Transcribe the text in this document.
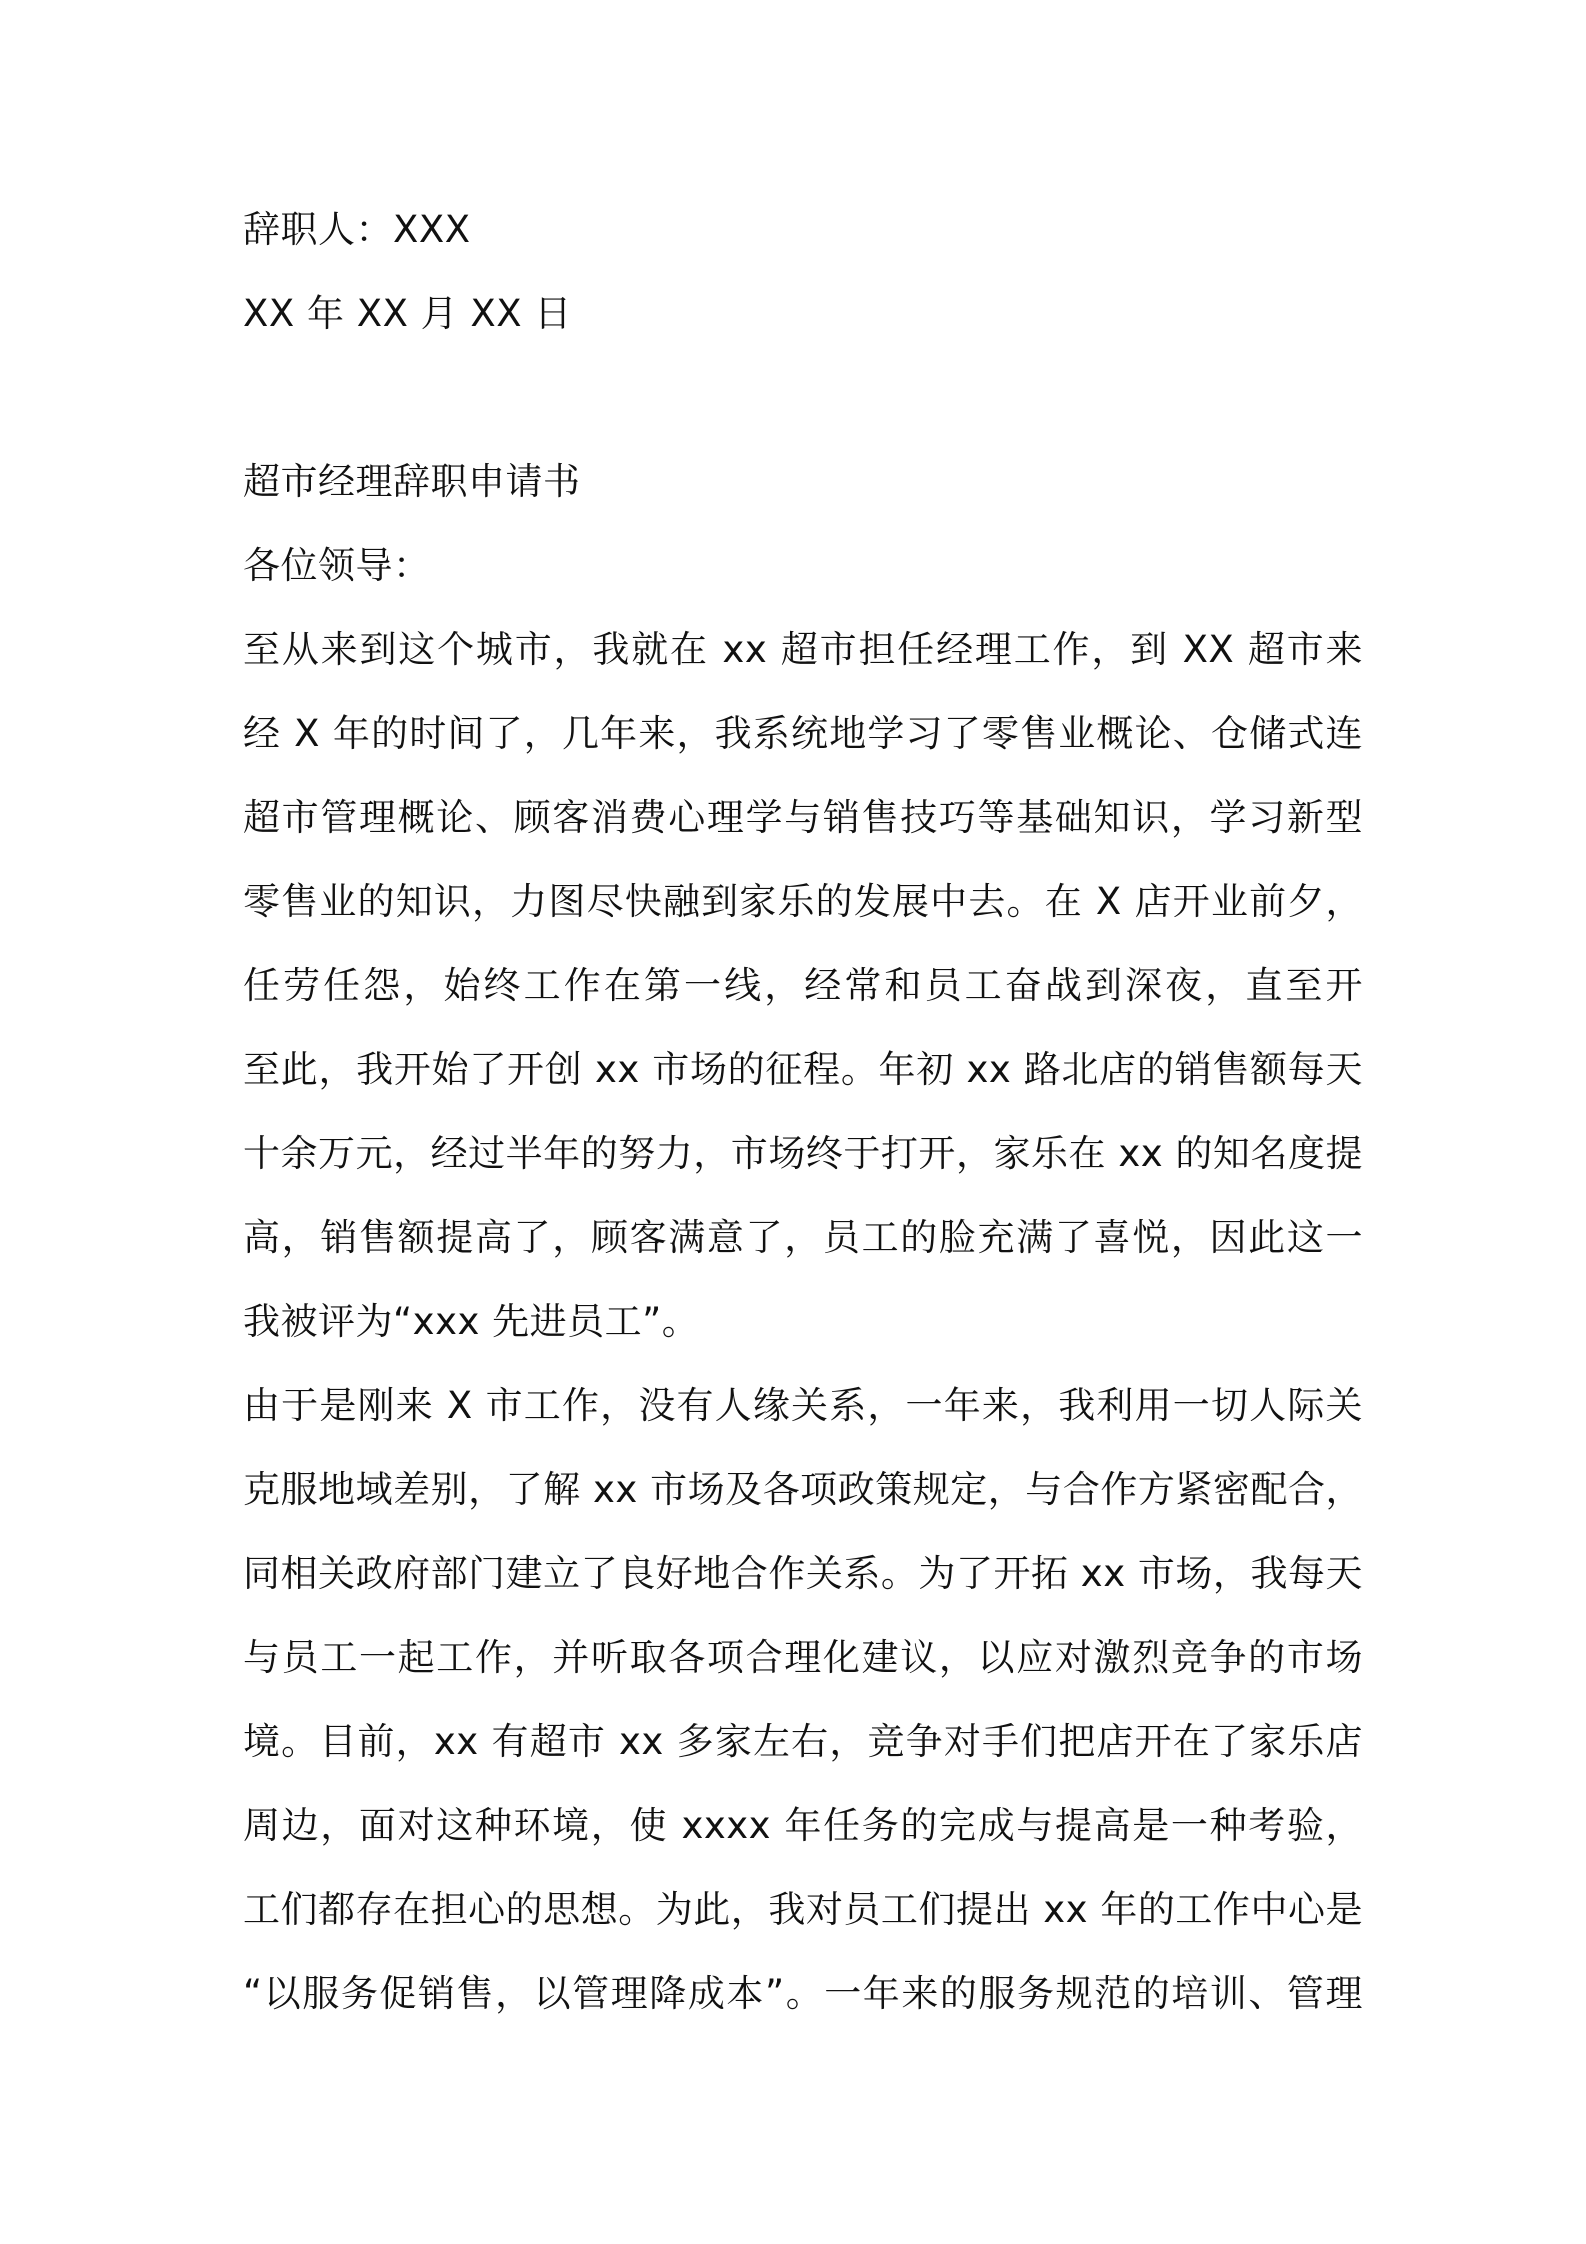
辞职人：XXX
XX 年 XX 月 XX 日
超市经理辞职申请书
各位领导：
至从来到这个城市，我就在 xx 超市担任经理工作，到 XX 超市来
经 X 年的时间了，几年来，我系统地学习了零售业概论、仓储式连
超市管理概论、顾客消费心理学与销售技巧等基础知识，学习新型
零售业的知识，力图尽快融到家乐的发展中去。在 X 店开业前夕，
任劳任怨，始终工作在第一线，经常和员工奋战到深夜，直至开
至此，我开始了开创 xx 市场的征程。年初 xx 路北店的销售额每天
十余万元，经过半年的努力，市场终于打开，家乐在 xx 的知名度提
高，销售额提高了，顾客满意了，员工的脸充满了喜悦，因此这一
我被评为“xxx 先进员工”。
由于是刚来 X 市工作，没有人缘关系，一年来，我利用一切人际关
克服地域差别，了解 xx 市场及各项政策规定，与合作方紧密配合，
同相关政府部门建立了良好地合作关系。为了开拓 xx 市场，我每天
与员工一起工作，并听取各项合理化建议，以应对激烈竞争的市场
境。目前，xx 有超市 xx 多家左右，竞争对手们把店开在了家乐店
周边，面对这种环境，使 xxxx 年任务的完成与提高是一种考验，
工们都存在担心的思想。为此，我对员工们提出 xx 年的工作中心是
“以服务促销售，以管理降成本”。一年来的服务规范的培训、管理
